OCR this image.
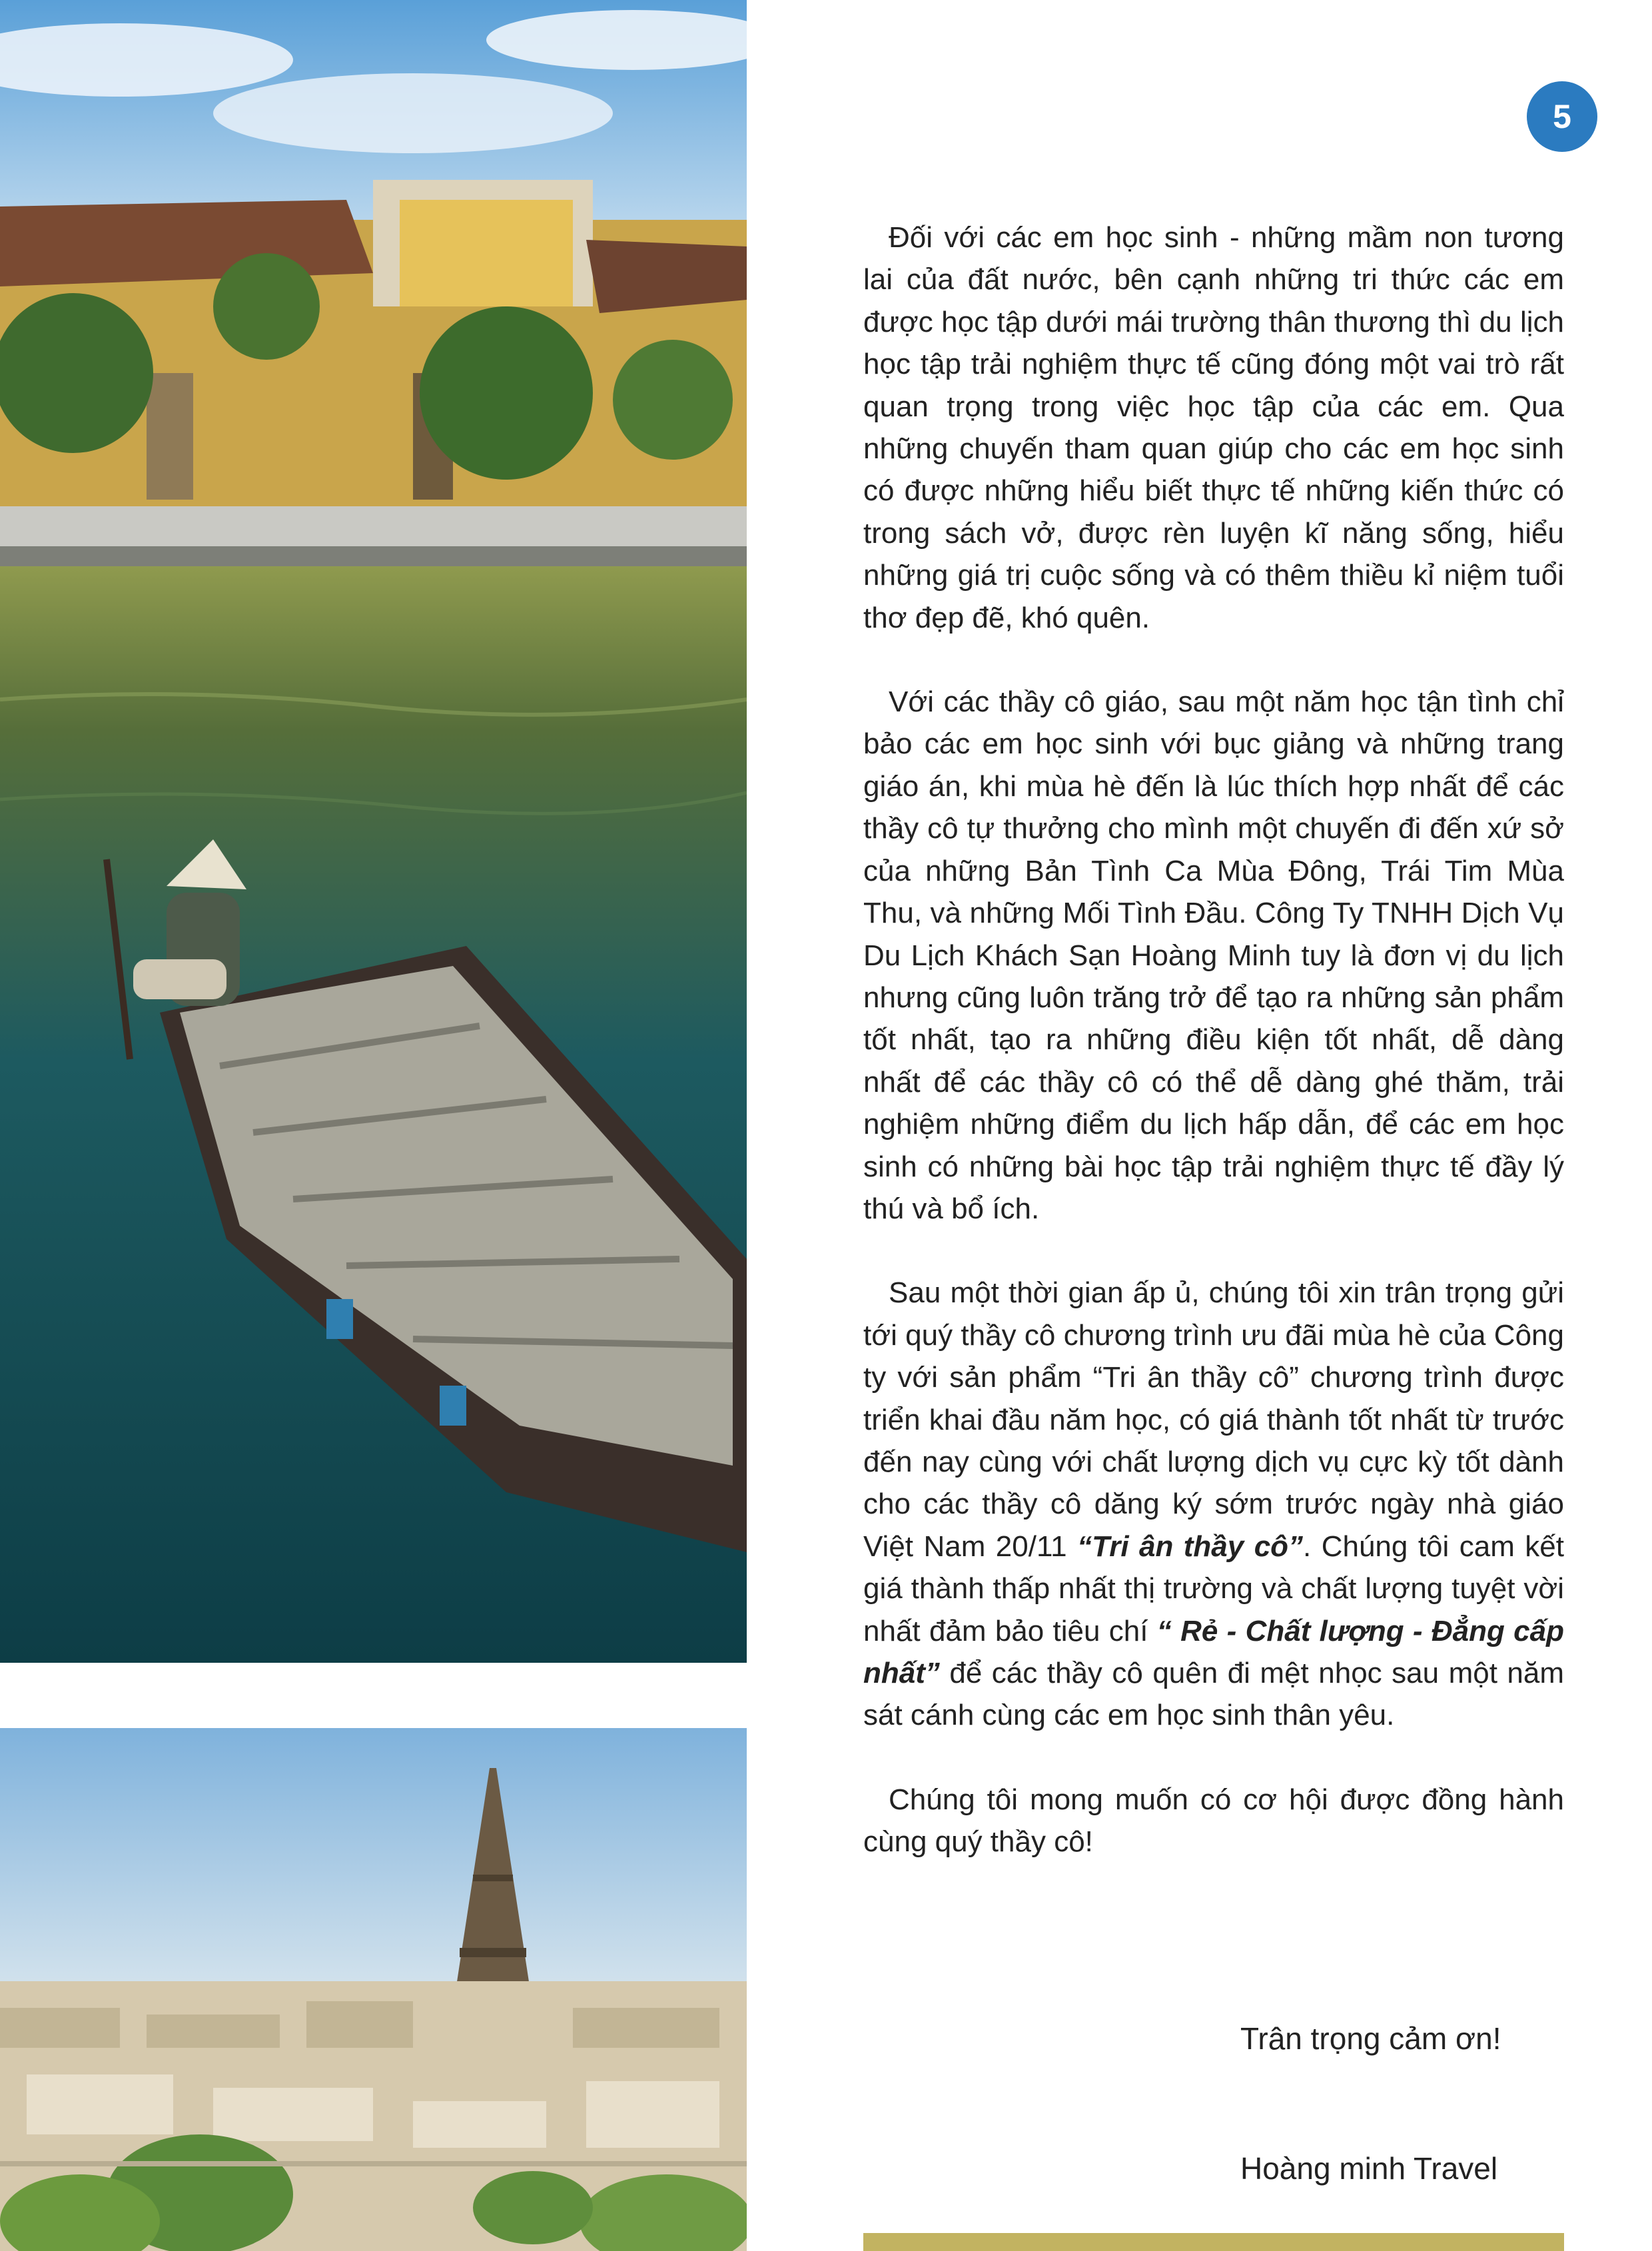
5

Đối với các em học sinh - những mầm non tương lai của đất nước, bên cạnh những tri thức các em được học tập dưới mái trường thân thương thì du lịch học tập trải nghiệm thực tế cũng đóng một vai trò rất quan trọng trong việc học tập của các em. Qua những chuyến tham quan giúp cho các em học sinh có được những hiểu biết thực tế những kiến thức có trong sách vở, được rèn luyện kĩ năng sống, hiểu những giá trị cuộc sống và có thêm thiều kỉ niệm tuổi thơ đẹp đẽ, khó quên.

Với các thầy cô giáo, sau một năm học tận tình chỉ bảo các em học sinh với bục giảng và những trang giáo án, khi mùa hè đến là lúc thích hợp nhất để các thầy cô tự thưởng cho mình một chuyến đi đến xứ sở của những Bản Tình Ca Mùa Đông, Trái Tim Mùa Thu, và những Mối Tình Đầu. Công Ty TNHH Dịch Vụ Du Lịch Khách Sạn Hoàng Minh tuy là đơn vị du lịch nhưng cũng luôn trăng trở để tạo ra những sản phẩm tốt nhất, tạo ra những điều kiện tốt nhất, dễ dàng nhất để các thầy cô có thể dễ dàng ghé thăm, trải nghiệm những điểm du lịch hấp dẫn, để các em học sinh có những bài học tập trải nghiệm thực tế đầy lý thú và bổ ích.

Sau một thời gian ấp ủ, chúng tôi xin trân trọng gửi tới quý thầy cô chương trình ưu đãi mùa hè của Công ty với sản phẩm “Tri ân thầy cô” chương trình được triển khai đầu năm học, có giá thành tốt nhất từ trước đến nay cùng với chất lượng dịch vụ cực kỳ tốt dành cho các thầy cô dăng ký sớm trước ngày nhà giáo Việt Nam 20/11 “Tri ân thầy cô”. Chúng tôi cam kết giá thành thấp nhất thị trường và chất lượng tuyệt vời nhất đảm bảo tiêu chí “ Rẻ - Chất lượng - Đẳng cấp nhất” để các thầy cô quên đi mệt nhọc sau một năm sát cánh cùng các em học sinh thân yêu.

Chúng tôi mong muốn có cơ hội được đồng hành cùng quý thầy cô!

Trân trọng cảm ơn!
Hoàng minh Travel
